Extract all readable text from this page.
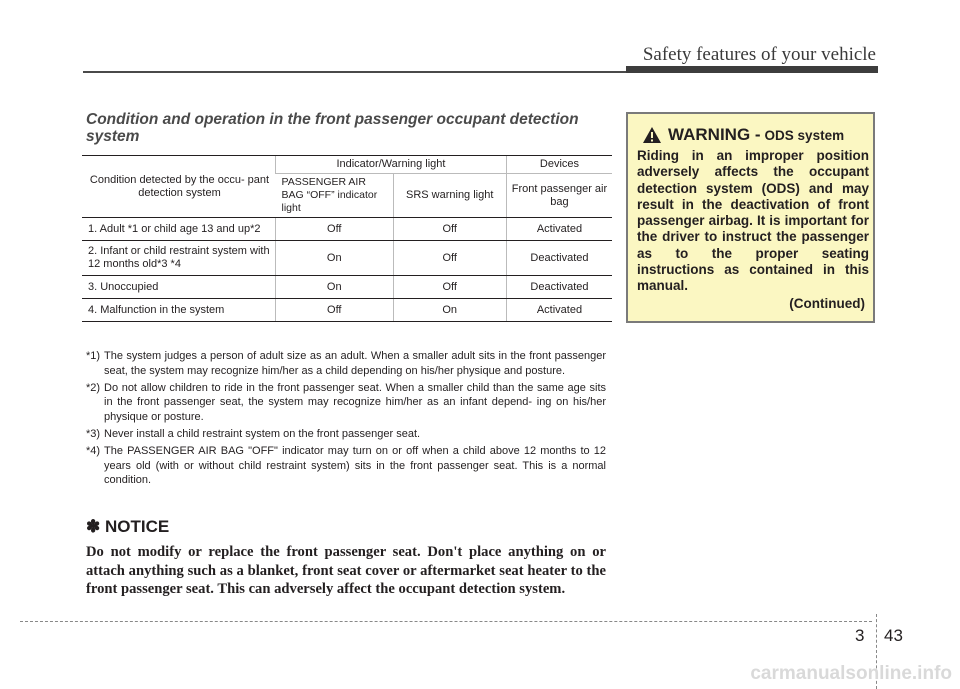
Safety features of your vehicle
Condition and operation in the front passenger occupant detection system
Condition detected by the occu- pant detection system	Indicator/Warning light		Devices
	PASSENGER AIR BAG “OFF” indicator light	SRS warning light	Front passenger air bag
1. Adult *1 or child age 13 and up*2	Off	Off	Activated
2. Infant or child restraint system with 12 months old*3 *4	On	Off	Deactivated
3. Unoccupied	On	Off	Deactivated
4. Malfunction in the system	Off	On	Activated
*1) The system judges a person of adult size as an adult. When a smaller adult sits in the front passenger seat, the system may recognize him/her as a child depending on his/her physique and posture.
*2) Do not allow children to ride in the front passenger seat. When a smaller child than the same age sits in the front passenger seat, the system may recognize him/her as an infant depend- ing on his/her physique or posture.
*3) Never install a child restraint system on the front passenger seat.
*4) The PASSENGER AIR BAG "OFF" indicator may turn on or off when a child above 12 months to 12 years old (with or without child restraint system) sits in the front passenger seat. This is a normal condition.
✽ NOTICE
Do not modify or replace the front passenger seat. Don't place anything on or attach anything such as a blanket, front seat cover or aftermarket seat heater to the front passenger seat. This can adversely affect the occupant detection system.
WARNING - ODS system
Riding in an improper position adversely affects the occupant detection system (ODS) and may result in the deactivation of front passenger airbag. It is important for the driver to instruct the passenger as to the proper seating instructions as contained in this manual.
(Continued)
3 43
carmanualsonline.info
